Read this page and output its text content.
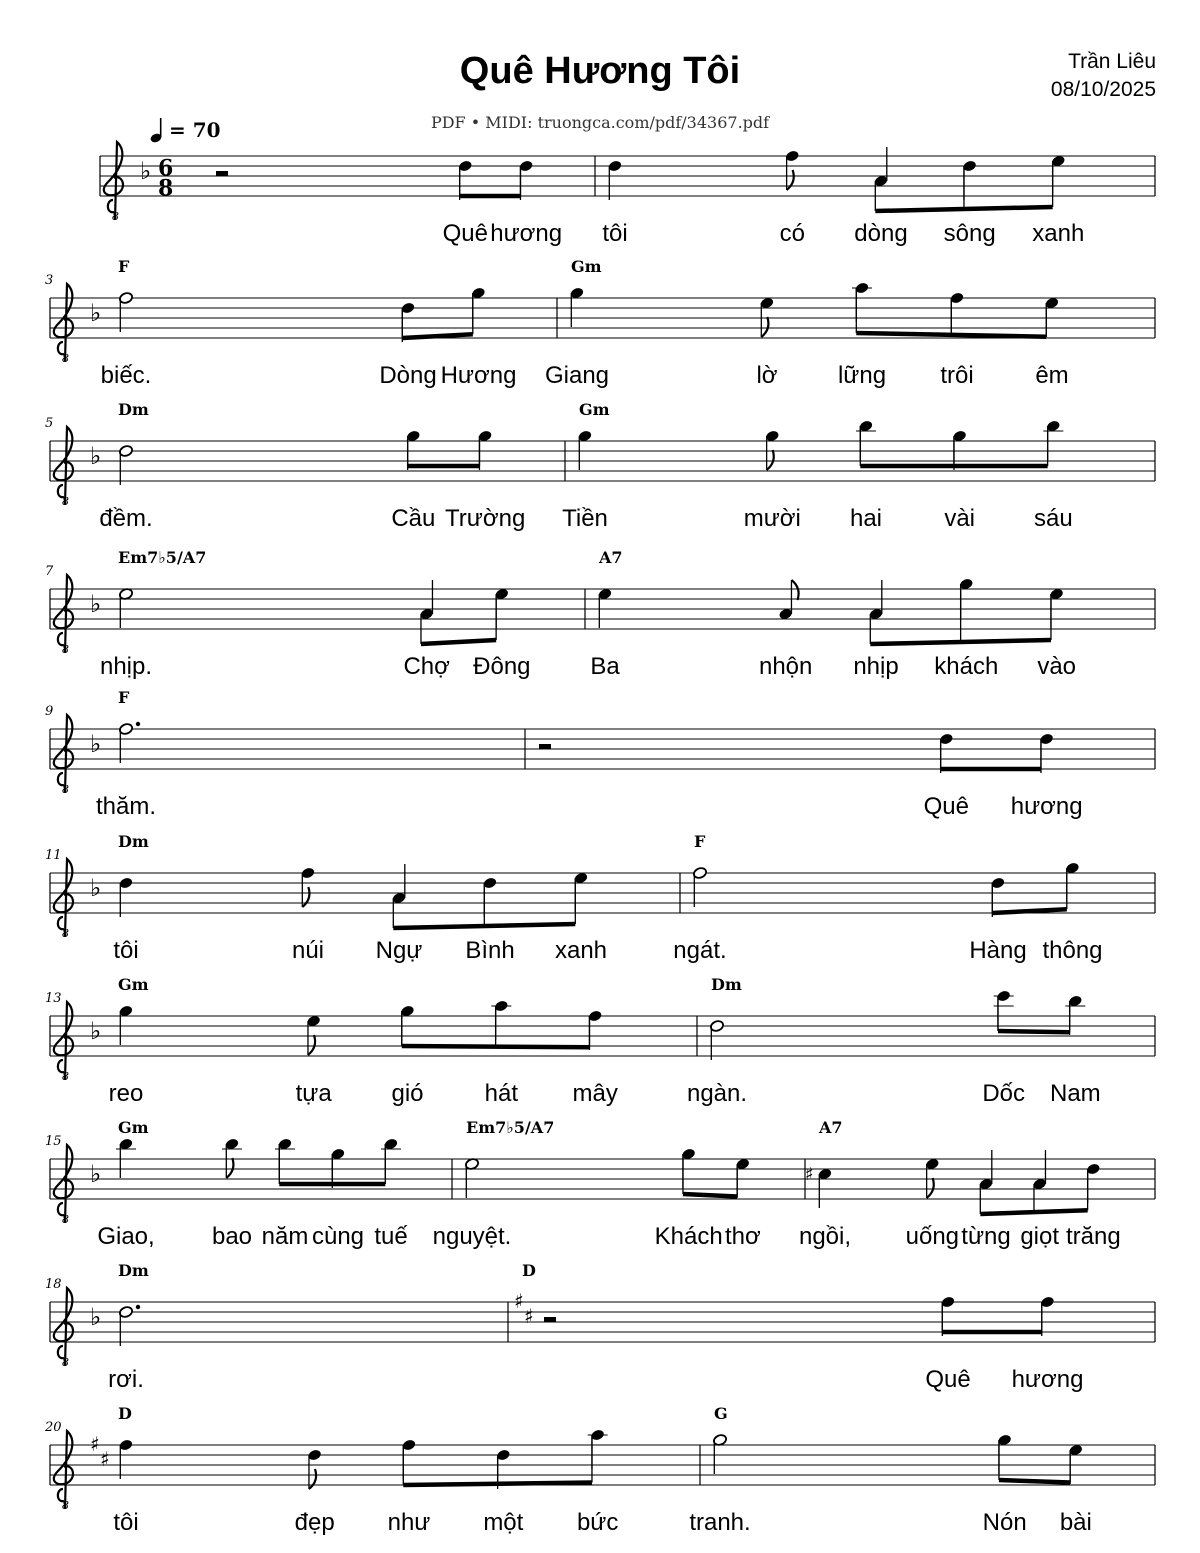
Quê Hương Tôi	Trần Liêu
08/10/2025
PDF • MIDI: truongca.com/pdf/34367.pdf
= 70
8
♭ 6
8
Quê hương tôi	có dòng sông xanh
3
8
♭
F
biếc.	Dòng Hương
Gm
Giang	lờ	lững trôi	êm
5
8
♭
Dm
đềm.	Cầu Trường
Gm
Tiền	mười hai	vài sáu
7
8
♭
Em7♭5/A7
nhịp.	Chợ Đông
A7
Ba	nhộn nhịp khách vào
9
8
♭
F
thăm.	Quê hương
11
8
♭
Dm
tôi	núi Ngự Bình xanh
F
ngát.	Hàng thông
13
8
♭
Gm
reo	tựa gió	hát mây
Dm
ngàn.	Dốc Nam
15
8
♭
Gm
Giao, bao năm cùng tuế
Em7♭5/A7
nguyệt.	Khách thơ
A7
ngồi,
♯
uống từng giọt trăng
18
8
♭
Dm
rơi.
♯
♯
D
Quê hương
20
8
♯
♯
D
tôi	đẹp như một bức
G
tranh.	Nón bài
